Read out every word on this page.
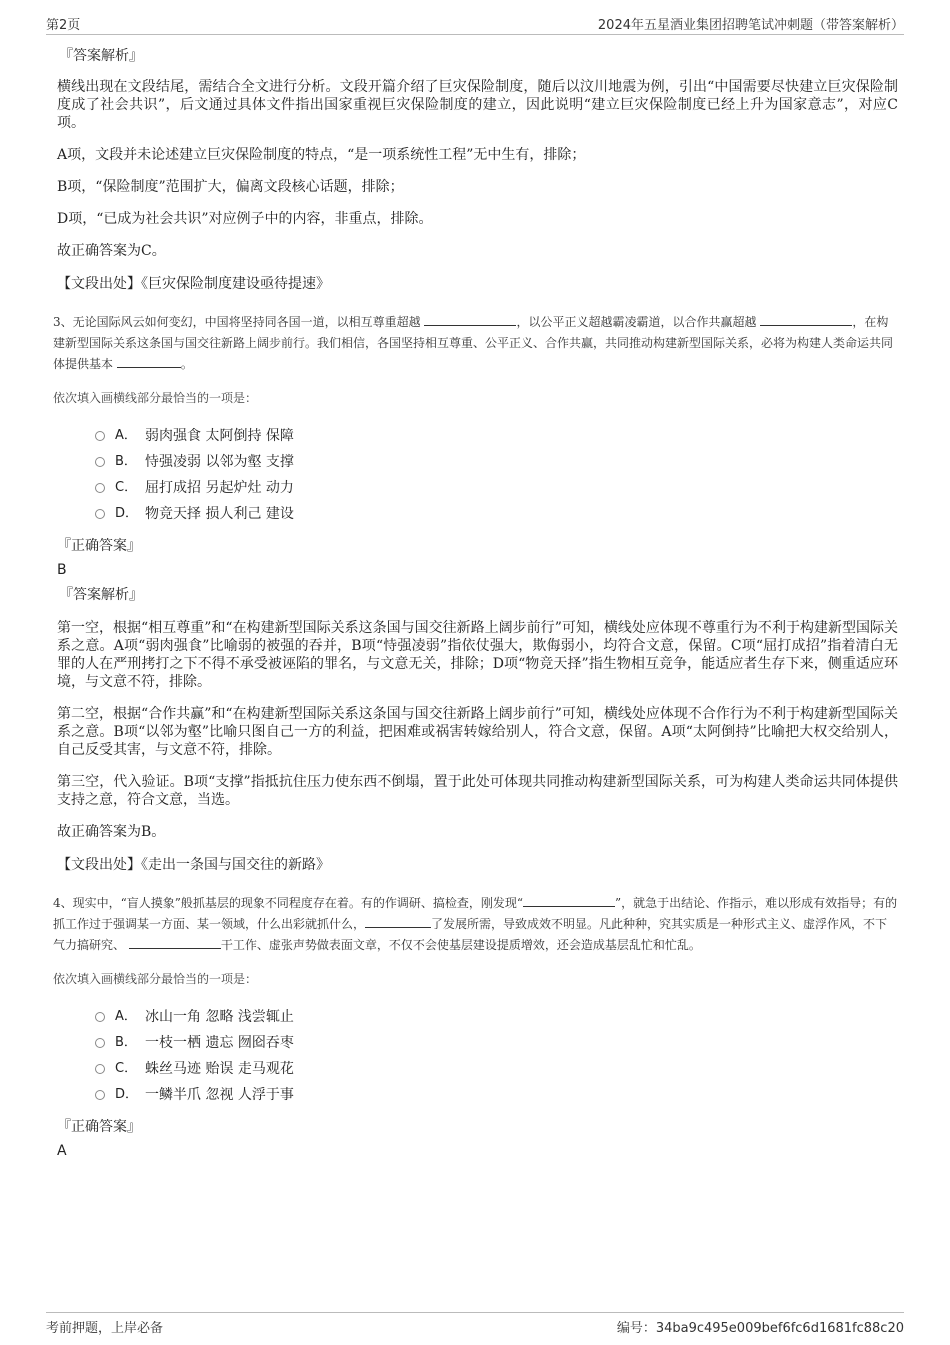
第2页	2024年五星酒业集团招聘笔试冲刺题（带答案解析）
『答案解析』

横线出现在文段结尾，需结合全文进行分析。文段开篇介绍了巨灾保险制度，随后以汶川地震为例，引出“中国需要尽快建立巨灾保险制度成了社会共识”，后文通过具体文件指出国家重视巨灾保险制度的建立，因此说明“建立巨灾保险制度已经上升为国家意志”，对应C项。

A项，文段并未论述建立巨灾保险制度的特点，“是一项系统性工程”无中生有，排除；

B项，“保险制度”范围扩大，偏离文段核心话题，排除；

D项，“已成为社会共识”对应例子中的内容，非重点，排除。

故正确答案为C。

【文段出处】《巨灾保险制度建设亟待提速》

3、无论国际风云如何变幻，中国将坚持同各国一道，以相互尊重超越	，以公平正义超越霸凌霸道，以合作共赢超越	，在构建新型国际关系这条国与国交往新路上阔步前行。我们相信，各国坚持相互尊重、公平正义、合作共赢，共同推动构建新型国际关系，必将为构建人类命运共同体提供基本	。

依次填入画横线部分最恰当的一项是：
A． 弱肉强食 太阿倒持 保障
B． 恃强凌弱 以邻为壑 支撑
C． 屈打成招 另起炉灶 动力
D． 物竞天择 损人利己 建设
『正确答案』
B
『答案解析』

第一空，根据“相互尊重”和“在构建新型国际关系这条国与国交往新路上阔步前行”可知，横线处应体现不尊重行为不利于构建新型国际关系之意。A项“弱肉强食”比喻弱的被强的吞并，B项“恃强凌弱”指依仗强大，欺侮弱小，均符合文意，保留。C项“屈打成招”指着清白无罪的人在严刑拷打之下不得不承受被诬陷的罪名，与文意无关，排除；D项“物竞天择”指生物相互竞争，能适应者生存下来，侧重适应环境，与文意不符，排除。

第二空，根据“合作共赢”和“在构建新型国际关系这条国与国交往新路上阔步前行”可知，横线处应体现不合作行为不利于构建新型国际关系之意。B项“以邻为壑”比喻只图自己一方的利益，把困难或祸害转嫁给别人，符合文意，保留。A项“太阿倒持”比喻把大权交给别人，自己反受其害，与文意不符，排除。

第三空，代入验证。B项“支撑”指抵抗住压力使东西不倒塌，置于此处可体现共同推动构建新型国际关系，可为构建人类命运共同体提供支持之意，符合文意，当选。

故正确答案为B。

【文段出处】《走出一条国与国交往的新路》

4、现实中，“盲人摸象”般抓基层的现象不同程度存在着。有的作调研、搞检查，刚发现“	”，就急于出结论、作指示，难以形成有效指导；有的抓工作过于强调某一方面、某一领域，什么出彩就抓什么，	了发展所需，导致成效不明显。凡此种种，究其实质是一种形式主义、虚浮作风，不下气力搞研究、	干工作、虚张声势做表面文章，不仅不会使基层建设提质增效，还会造成基层乱忙和忙乱。

依次填入画横线部分最恰当的一项是：
A． 冰山一角 忽略 浅尝辄止
B． 一枝一栖 遗忘 囫囵吞枣
C． 蛛丝马迹 贻误 走马观花
D． 一鳞半爪 忽视 人浮于事
『正确答案』
A
考前押题，上岸必备	编号：34ba9c495e009bef6fc6d1681fc88c20
